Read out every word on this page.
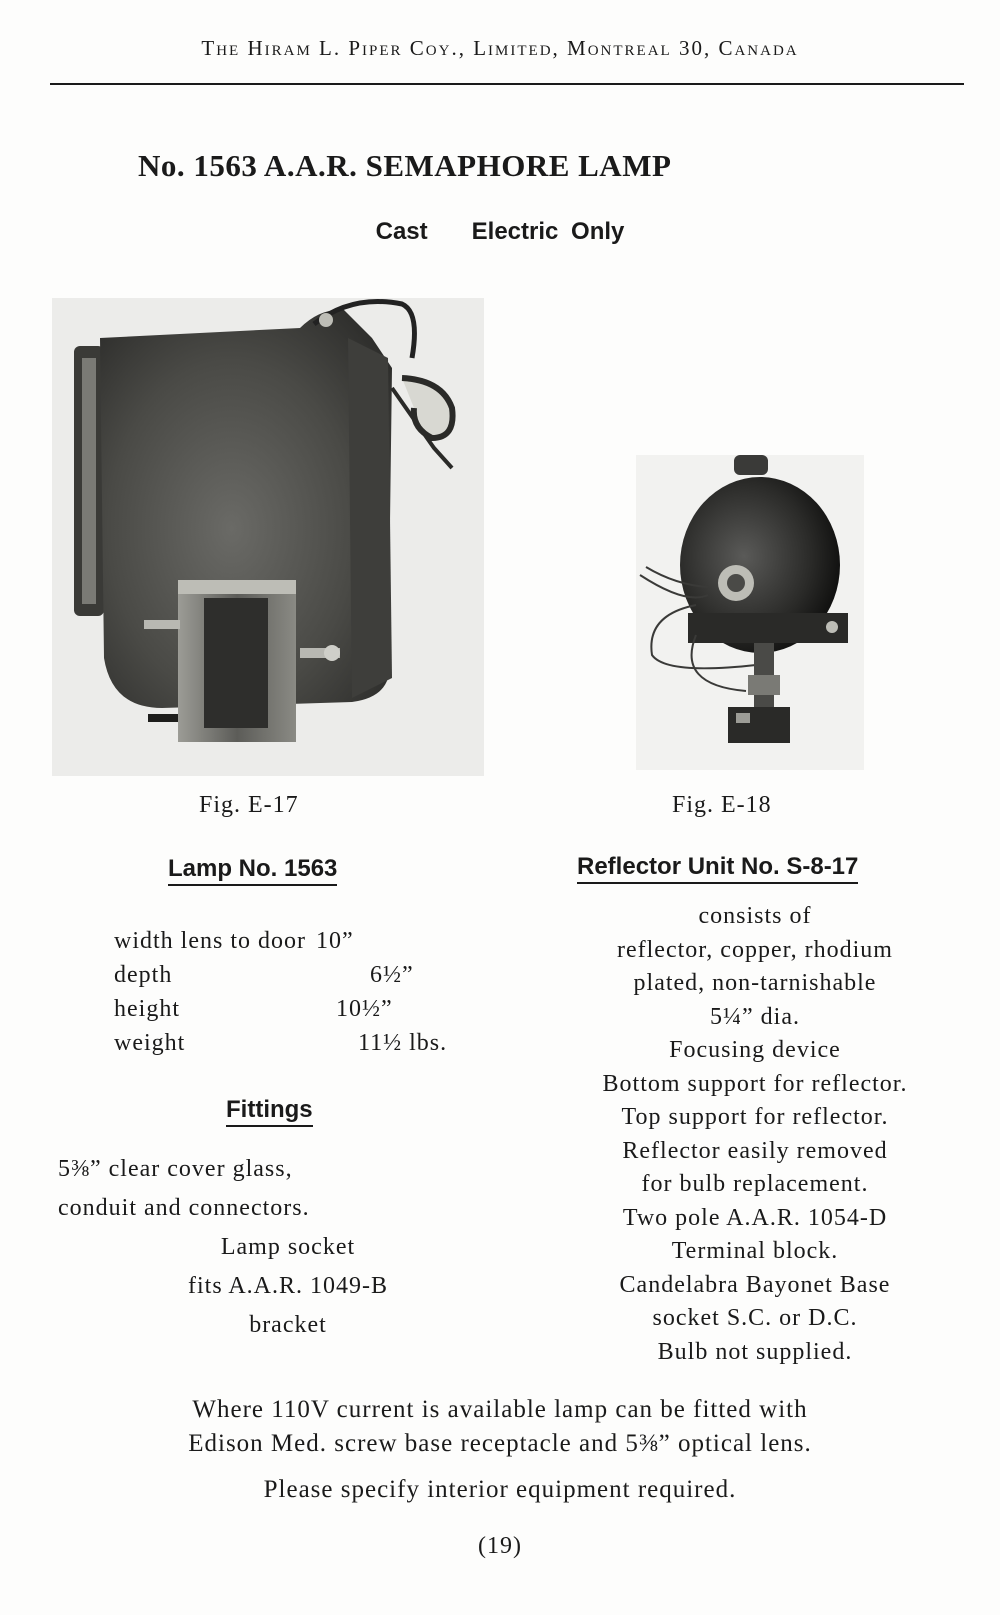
The Hiram L. Piper Coy., Limited, Montreal 30, Canada
No. 1563 A.A.R. SEMAPHORE LAMP
Cast Electric Only
Fig. E-17	Fig. E-18
Lamp No. 1563	Reflector Unit No. S-8-17
width lens to door 10”
depth	6½”
height	10½”
weight	11½ lbs.
Fittings
5⅜” clear cover glass,
conduit and connectors.
Lamp socket
fits A.A.R. 1049-B
bracket
consists of
reflector, copper, rhodium
plated, non-tarnishable
5¼” dia.
Focusing device
Bottom support for reflector.
Top support for reflector.
Reflector easily removed
for bulb replacement.
Two pole A.A.R. 1054-D
Terminal block.
Candelabra Bayonet Base
socket S.C. or D.C.
Bulb not supplied.
Where 110V current is available lamp can be fitted with
Edison Med. screw base receptacle and 5⅜” optical lens.
Please specify interior equipment required.
(19)
